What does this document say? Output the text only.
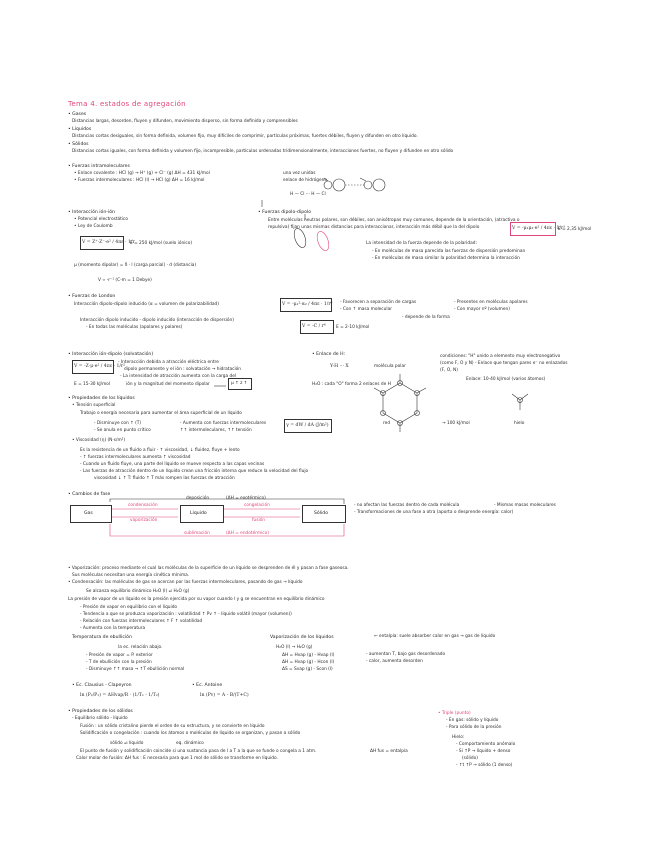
Tema 4. estados de agregación
• Gases
Distancias largas, desorden, fluyen y difunden, movimiento disperso, sin forma definida y comprensibles
• Líquidos
Distancias cortas desiguales, sin forma definida, volumen fijo, muy difíciles de comprimir, partículas próximas, fuertes débiles, fluyen y difunden en otro líquido.
• Sólidos
Distancias cortas iguales, con forma definida y volumen fijo, incompresible, partículas ordenadas tridimensionalmente, interacciones fuertes, no fluyen y difunden en otro sólido
• Fuerzas intramoleculares
• Enlace covalente : HCl (g) → H⁺ (g) + Cl⁻ (g) ΔH = 431 kJ/mol
• Fuerzas intermoleculares : HCl (l) → HCl (g) ΔH = 16 kJ/mol
una vez unidas
enlace de hidrógeno
H — Cl ··· H — Cl
• Interacción ión-ión
• Potencial electrostático
• Ley de Coulomb
V = Z⁺·Z⁻·e² / 4πε · 1/r
E = 250 kJ/mol (suelo iónico)
μ (momento dipolar) = δ · l (carga parcial) · d (distancia)
V ∝ -r⁻¹ (C-m = 1 Debye)
• Fuerzas dipolo-dipolo
Entre moléculas neutras polares, son débiles, son anisótropas muy comunes, depende de la orientación, (atractiva o
repulsiva) fijan unas mismas distancias para interaccionar, interacción más débil que la del dipolo	V = -μ₁μ₂·e² / 4πε · 1/r³
E = 2,35 kJ/mol
La intensidad de la fuerza depende de la polaridad:
- En moléculas de masa parecida las fuerzas de dispersión predominan
- En moléculas de masa similar la polaridad determina la interacción
• Fuerzas de London
Interacción dipolo-dipolo inducido (α = volumen de polarizabilidad)	V = -μ₁²·α₂ / 4πε · 1/r⁶ - Favorecen a separación de cargas
- Con ↑ masa molecular
- Presentes en moléculas apolares
- Con mayor nº (volumen)
- depende de la forma
Interacción dipolo inducido - dipolo inducido (interacción de dispersión)
- En todas las moléculas (apolares y polares)	V = -C / r⁶ E = 2-10 kJ/mol
• Interacción ión-dipolo (solvatación)
V = -Z·μ·e² / 4πε · 1/r²
- Interacción debida a atracción eléctrica entre
dipolo permanente y el ión : solvatación → hidratación
- La intensidad de atracción aumenta con la carga del
E = 15-30 kJ/mol	ión y la magnitud del momento dipolar	μ ↑ z ↑
• Enlace de H:
Y-H ··· X	molécula polar
H₂O : cada "O" forma 2 enlaces de H
condiciones: "H" unido a elemento muy electronegativo
(como F, O y N) - Enlace que tengan pares e⁻ no enlazados
(F, O, N)
Enlace: 10-40 kJ/mol (varios átomos)
red	hielo
→ 100 kJ/mol
• Propiedades de los líquidos
• Tensión superficial
Trabajo o energía necesaria para aumentar el área superficial de un líquido
- Disminuye con ↑ (T)
- Se anula en punto crítico
- Aumenta con fuerzas intermoleculares
↑↑ intermoleculares, ↑↑ tensión
γ = dW / dA (J/m²)
• Viscosidad (η) (N·s/m²)
Es la resistencia de un fluido a fluir - ↑ viscosidad, ↓ fluidez, fluye + lento
- ↑ fuerzas intermoleculares aumenta ↑ viscosidad
- Cuando un fluido fluye, una parte del líquido se mueve respecto a las capas vecinas
- Las fuerzas de atracción dentro de un líquido crean una fricción interna que reduce la velocidad del flujo
viscosidad ↓ ↑ T: fluido ↑ T más rompen las fuerzas de atracción
• Cambios de fase
Gas	Líquido	Sólido
condensación
vaporización
congelación
fusión
deposición	(ΔH = exotérmico)
sublimación	(ΔH = endotérmico)
- no afectan las fuerzas dentro de cada molécula
- Transformaciones de una fase a otra (aporta o desprende energía: calor)
- Mismas masas moleculares
• Vaporización: proceso mediante el cual las moléculas de la superficie de un líquido se desprenden de él y pasan a fase gaseosa.
Sus moléculas necesitan una energía cinética mínima.
• Condensación: las moléculas de gas se acercan por las fuerzas intermoleculares, pasando de gas → líquido
Se alcanza equilibrio dinámico H₂O (l) ⇌ H₂O (g)
La presión de vapor de un líquido es la presión ejercida por su vapor cuando l y g se encuentran en equilibrio dinámico
- Presión de vapor en equilibrio con el líquido
- Tendencia a que se produzca vaporización : volatilidad ↑ Pv ↑ - líquido volátil (mayor (volumen))
- Relación con fuerzas intermoleculares ↑ F ↑ volatilidad
- Aumenta con la temperatura
Temperatura de ebullición
la ec. relación abajo.
- Presión de vapor = P. exterior
- T de ebullición con la presión
- Disminuye ↑↑ masa → ↑T ebullición normal
Vaporización de los líquidos	← entalpía: suele absorber calor en gas → gas de líquido
H₂O (l) → H₂O (g)
ΔH = Hvap (g) - Hvap (l)
ΔH = Hvap (g) - Hcon (l)
ΔS = Svap (g) - Scon (l)
- aumentan T, bajo gas desordenado
- calor, aumenta desorden
• Ec. Clausius - Clapeyron
ln (P₂/P₁) = ΔHvap/R · (1/T₁ - 1/T₂)
• Ec. Antoine
ln (Pv) = A - B/(T+C)
• Propiedades de los sólidos
- Equilibrio sólido - líquido
Fusión : un sólido cristalino pierde el orden de su estructura, y se convierte en líquido
Solidificación o congelación : cuando los átomos o moléculas de líquido se organizan, y pasan a sólido
sólido ⇌ líquido	eq. dinámico
El punto de fusión y solidificación coincide si una sustancia pasa de l a T a la que se funde o congela a 1 atm.	ΔH fus = entalpía
Calor molar de fusión: ΔH fus : E necesaria para que 1 mol de sólido se transforme en líquido.
• Triple (punto)
- En gas: sólido y líquido
- Para sólido de la presión
Hielo:
- Comportamiento anómalo
- Si ↑P → líquido + denso
(sólido)
- ↑t ↑P → sólido (1 denso)
